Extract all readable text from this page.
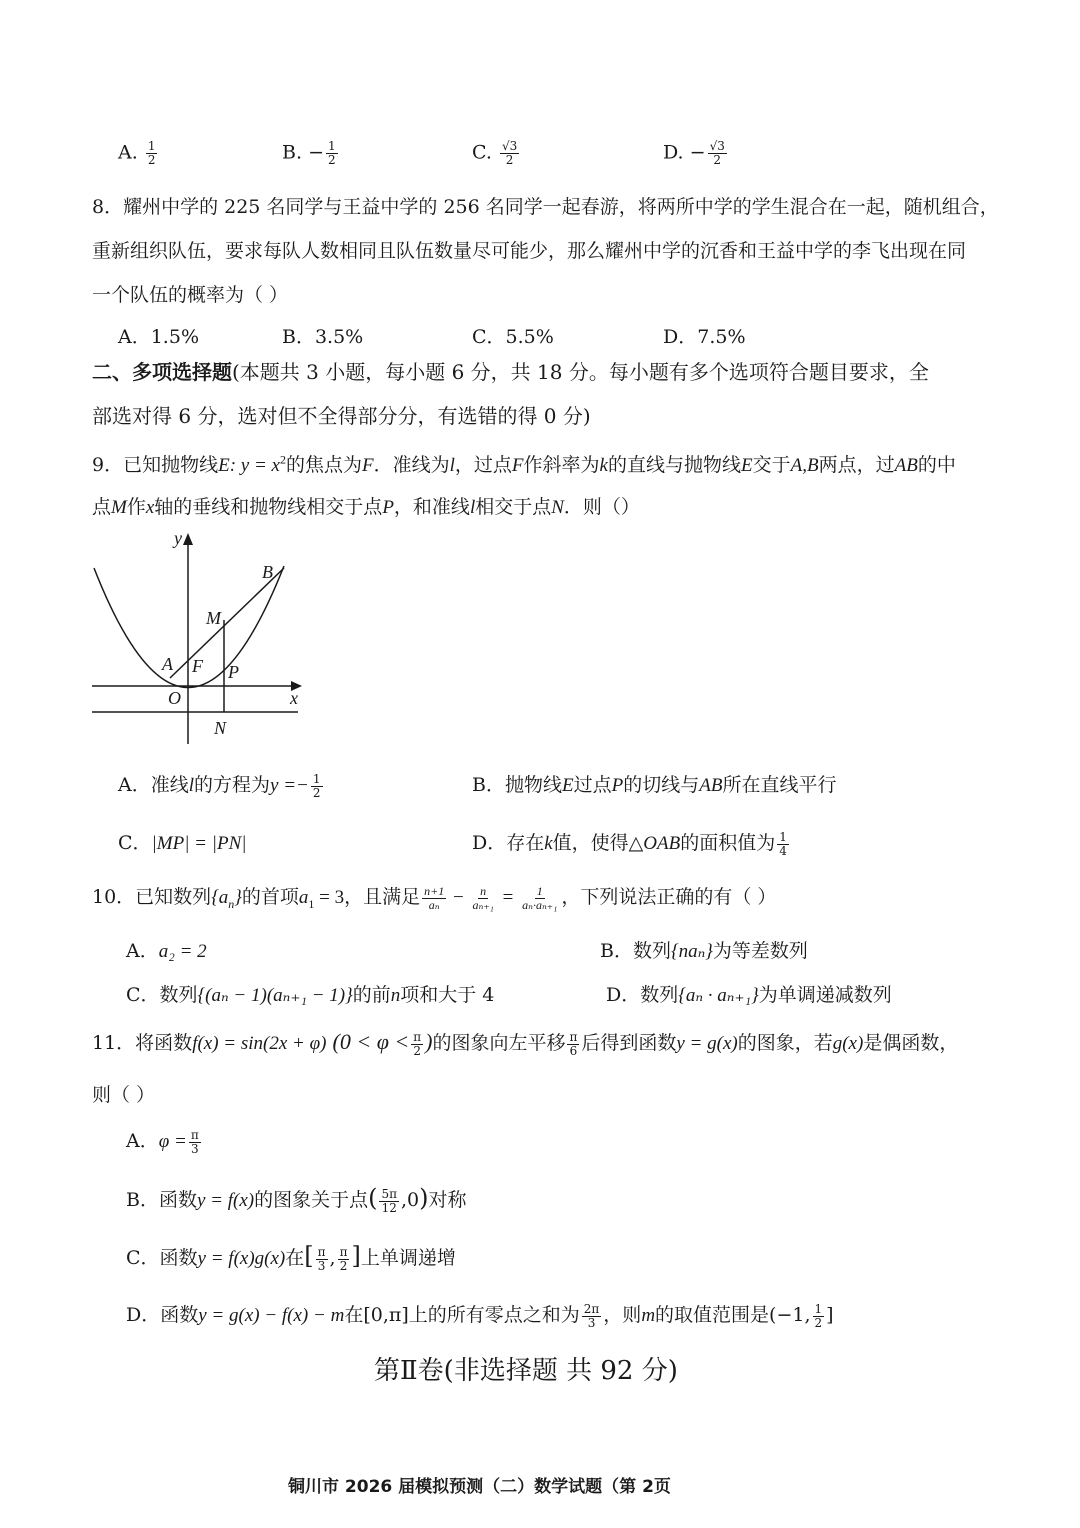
A. $\frac{1}{2}$	B. − $\frac{1}{2}$	C. $\frac{√3}{2}$	D. − $\frac{√3}{2}$
8．耀州中学的 225 名同学与王益中学的 256 名同学一起春游，将两所中学的学生混合在一起，随机组合，
重新组织队伍，要求每队人数相同且队伍数量尽可能少，那么耀州中学的沉香和王益中学的李飞出现在同
一个队伍的概率为（ ）
A．1.5%	B．3.5%	C．5.5%	D．7.5%
二、多项选择题(本题共 3 小题，每小题 6 分，共 18 分。每小题有多个选项符合题目要求，全
部选对得 6 分，选对但不全得部分分，有选错的得 0 分)
9．已知抛物线E: $y = x^2$的焦点为F．准线为l，过点F作斜率为k的直线与抛物线E交于A,B两点，过AB的中
点M作x轴的垂线和抛物线相交于点P，和准线l相交于点N．则（）
y
x
O
A
B
F
M
P
N
A．准线l的方程为$y =- \frac{1}{2}$	B．抛物线E过点P的切线与AB所在直线平行
C．|MP| = |PN|	D．存在k值，使得△OAB的面积值为 $\frac{1}{4}$
10．已知数列$\{a_n\}$的首项$a_1 = 3$，且满足 $\frac{n+1}{\text{aₙ}} - \frac{n}{\text{aₙ₊₁}} = \frac{1}{\text{aₙ·aₙ₊₁}}$ ，下列说法正确的有（ ）
A．a₂ = 2	B．数列{naₙ}为等差数列
C．数列{(aₙ − 1)(aₙ₊₁ − 1)}的前n项和大于 4	D．数列{aₙ · aₙ₊₁}为单调递减数列
11．将函数f(x) = sin(2x + φ) ($0 < \varphi < \frac{\pi}{2}$ )的图象向左平移 $\frac{\pi}{6}$ 后得到函数y = g(x)的图象，若g(x)是偶函数，
则（ ）
A．$\varphi = \frac{\pi}{3}$
B．函数y = f(x)的图象关于点( $\frac{5\pi}{12} ,0$)对称
C．函数y = f(x)g(x)在[ $\frac{\pi}{3}$ , $\frac{\pi}{2}$ ]上单调递增
D．函数y = g(x) − f(x) − m在[0,π]上的所有零点之和为 $\frac{2\pi}{3}$ ，则m的取值范围是(−1, $\frac{1}{2}$ ]
第Ⅱ卷(非选择题 共 92 分)
铜川市 2026 届模拟预测（二）数学试题（第 2页
